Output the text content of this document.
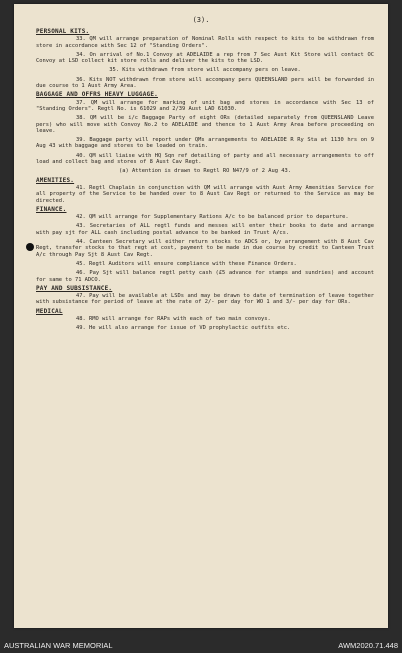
(3).
PERSONAL KITS.
33. QM will arrange preparation of Nominal Rolls with respect to kits to be withdrawn from store in accordance with Sec 12 of "Standing Orders".
34. On arrival of No.1 Convoy at ADELAIDE a rep from 7 Sec Aust Kit Store will contact OC Convoy at LSD collect kit store rolls and deliver the kits to the LSD.
35. Kits withdrawn from store will accompany pers on leave.
36. Kits NOT withdrawn from store will accompany pers QUEENSLAND pers will be forwarded in due course to 1 Aust Army Area.
BAGGAGE AND OFFRS HEAVY LUGGAGE.
37. QM will arrange for marking of unit bag and stores in accordance with Sec 13 of "Standing Orders". Regtl No. is 61029 and 2/39 Aust LAD 61030.
38. QM will be i/c Baggage Party of eight ORs (detailed separately from QUEENSLAND Leave pers) who will move with Convoy No.2 to ADELAIDE and thence to 1 Aust Army Area before proceeding on leave.
39. Baggage party will report under QMs arrangements to ADELAIDE R Ry Sta at 1130 hrs on 9 Aug 43 with baggage and stores to be loaded on train.
40. QM will liaise with HQ Sqn ref detailing of party and all necessary arrangements to off load and collect bag and stores of 8 Aust Cav Regt.
(a) Attention is drawn to Regtl RO N47/9 of 2 Aug 43.
AMENITIES.
41. Regtl Chaplain in conjunction with QM will arrange with Aust Army Amenities Service for all property of the Service to be handed over to 8 Aust Cav Regt or returned to the Service as may be directed.
FINANCE.
42. QM will arrange for Supplementary Rations A/c to be balanced prior to departure.
43. Secretaries of ALL regtl funds and messes will enter their books to date and arrange with pay sjt for ALL cash including postal advance to be banked in Trust A/cs.
44. Canteen Secretary will either return stocks to ADCS or, by arrangement with 8 Aust Cav Regt, transfer stocks to that regt at cost, payment to be made in due course by credit to Canteen Trust A/c through Pay Sjt 8 Aust Cav Regt.
45. Regtl Auditors will ensure compliance with these Finance Orders.
46. Pay Sjt will balance regtl petty cash (£5 advance for stamps and sundries) and account for same to 71 ADCO.
PAY AND SUBSISTANCE.
47. Pay will be available at LSDs and may be drawn to date of termination of leave together with subsistance for period of leave at the rate of 2/- per day for WO 1 and 3/- per day for ORs.
MEDICAL
48. RMO will arrange for RAPs with each of two main convoys.
49. He will also arrange for issue of VD prophylactic outfits etc.
AUSTRALIAN WAR MEMORIAL	AWM2020.71.448
